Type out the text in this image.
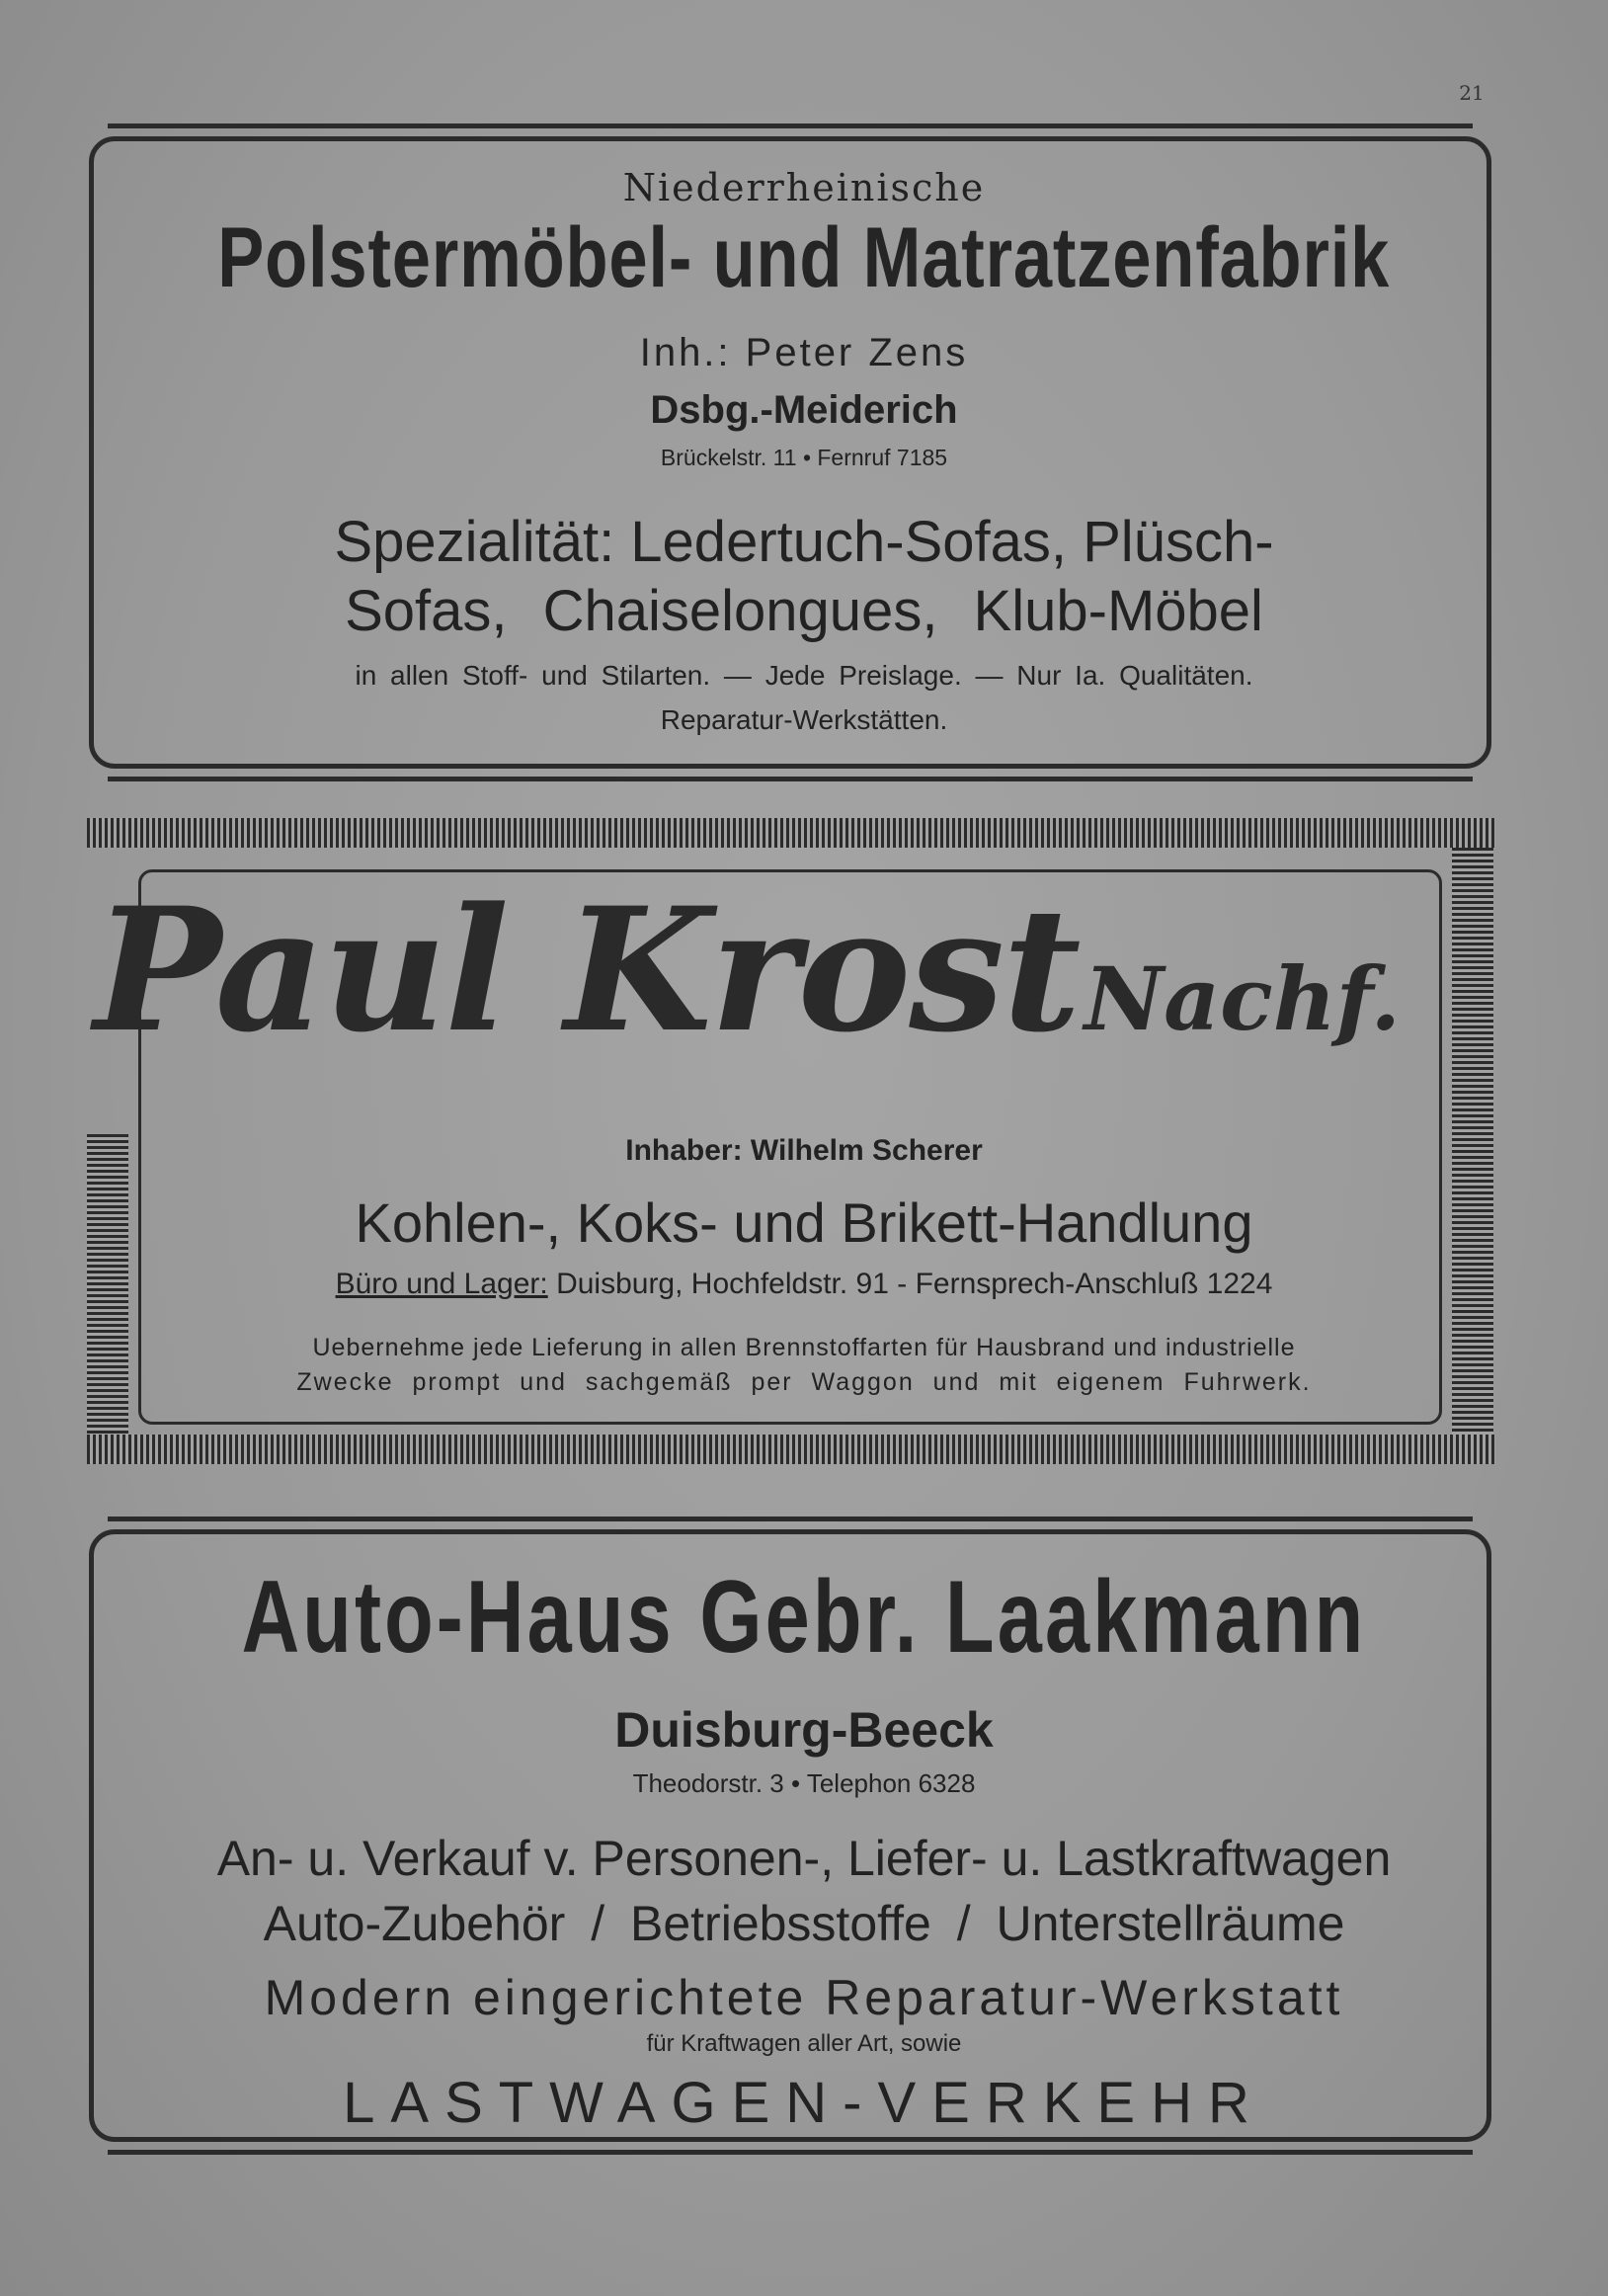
21
Niederrheinische
Polstermöbel- und Matratzenfabrik
Inh.: Peter Zens
Dsbg.-Meiderich
Brückelstr. 11 • Fernruf 7185
Spezialität: Ledertuch-Sofas, Plüsch-
Sofas, Chaiselongues, Klub-Möbel
in allen Stoff- und Stilarten. — Jede Preislage. — Nur Ia. Qualitäten.
Reparatur-Werkstätten.
Paul Krost Nachf.
Inhaber: Wilhelm Scherer
Kohlen-, Koks- und Brikett-Handlung
Büro und Lager: Duisburg, Hochfeldstr. 91 - Fernsprech-Anschluß 1224
Uebernehme jede Lieferung in allen Brennstoffarten für Hausbrand und industrielle
Zwecke prompt und sachgemäß per Waggon und mit eigenem Fuhrwerk.
Auto-Haus Gebr. Laakmann
Duisburg-Beeck
Theodorstr. 3 • Telephon 6328
An- u. Verkauf v. Personen-, Liefer- u. Lastkraftwagen
Auto-Zubehör / Betriebsstoffe / Unterstellräume
Modern eingerichtete Reparatur-Werkstatt
für Kraftwagen aller Art, sowie
LASTWAGEN-VERKEHR
